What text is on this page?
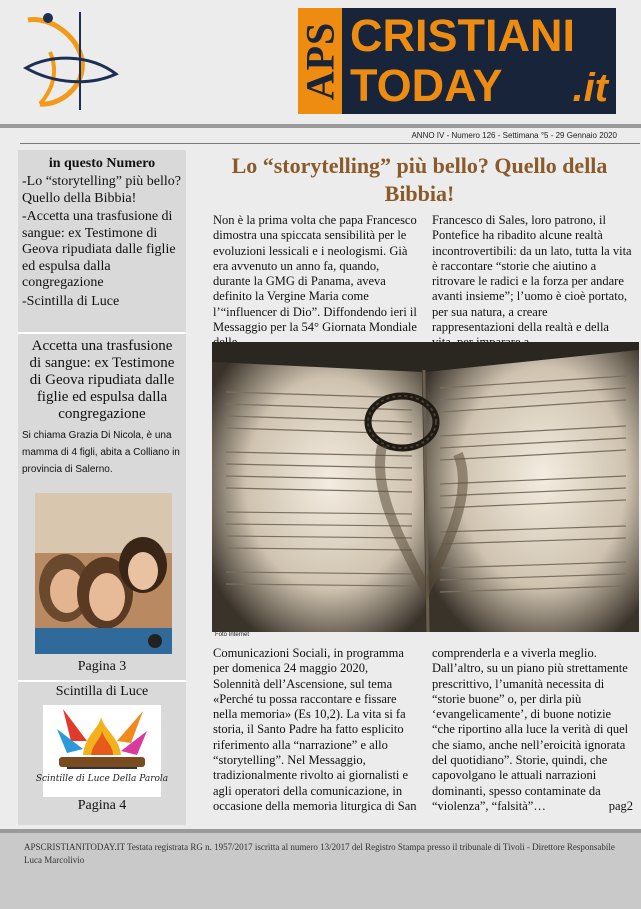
APS CRISTIANI
TODAY .it
ANNO IV - Numero 126 - Settimana °5 - 29 Gennaio 2020
in questo Numero
-Lo “storytelling” più bello? Quello della Bibbia!
-Accetta una trasfusione di sangue: ex Testimone di Geova ripudiata dalle figlie ed espulsa dalla congregazione
-Scintilla di Luce
Accetta una trasfusione di sangue: ex Testimone di Geova ripudiata dalle figlie ed espulsa dalla congregazione
Si chiama Grazia Di Nicola, è una mamma di 4 figli, abita a Colliano in provincia di Salerno.
Pagina 3
Scintilla di Luce
Scintille di Luce Della Parola
Pagina 4
Lo “storytelling” più bello? Quello della Bibbia!

Non è la prima volta che papa Francesco dimostra una spiccata sensibilità per le evoluzioni lessicali e i neologismi. Già era avvenuto un anno fa, quando, durante la GMG di Panama, aveva definito la Vergine Maria come l’“influencer di Dio”. Diffondendo ieri il Messaggio per la 54° Giornata Mondiale

Francesco di Sales, loro patrono, il Pontefice ha ribadito alcune realtà incontrovertibili: da un lato, tutta la vita è raccontare “storie che aiutino a ritrovare le radici e la forza per andare avanti insieme”; l’uomo è cioè portato, per sua natura, a creare rappresentazioni della realtà e della

Foto Internet

Comunicazioni Sociali, in programma per domenica 24 maggio 2020, Solennità dell’Ascensione, sul tema «Perché tu possa raccontare e fissare nella memoria» (Es 10,2). La vita si fa storia, il Santo Padre ha fatto esplicito riferimento alla “narrazione” e allo “storytelling”. Nel Messaggio, tradizionalmente rivolto ai giornalisti e agli operatori della comunicazione, in occasione della memoria liturgica di San

comprenderla e a viverla meglio. Dall’altro, su un piano più strettamente prescrittivo, l’umanità necessita di “storie buone” o, per dirla più ‘evangelicamente’, di buone notizie “che riportino alla luce la verità di quel che siamo, anche nell’eroicità ignorata del quotidiano”. Storie, quindi, che capovolgano le attuali narrazioni dominanti, spesso contaminate da “violenza”, “falsità”…	pag2

APSCRISTIANITODAY.IT Testata registrata RG n. 1957/2017 iscritta al numero 13/2017 del Registro Stampa presso il tribunale di Tivoli - Direttore Responsabile Luca Marcolivio
